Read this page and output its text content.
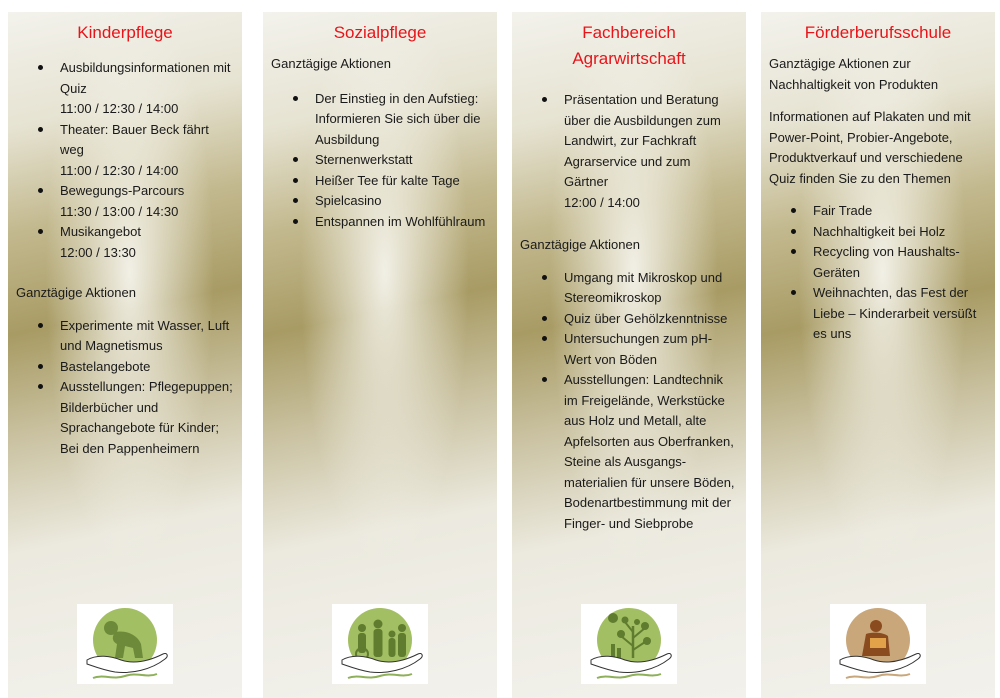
Kinderpflege
Ausbildungsinformationen mit Quiz
11:00 / 12:30 / 14:00
Theater: Bauer Beck fährt weg
11:00 / 12:30 / 14:00
Bewegungs-Parcours
11:30 / 13:00 / 14:30
Musikangebot
12:00 / 13:30

Ganztägige Aktionen

Experimente mit Wasser, Luft und Magnetismus
Bastelangebote
Ausstellungen: Pflegepuppen; Bilderbücher und Sprachangebote für Kinder; Bei den Pappenheimern
Sozialpflege

Ganztägige Aktionen

Der Einstieg in den Aufstieg: Informieren Sie sich über die Ausbildung
Sternenwerkstatt
Heißer Tee für kalte Tage
Spielcasino
Entspannen im Wohlfühlraum
Fachbereich Agrarwirtschaft
Präsentation und Beratung über die Ausbildungen zum Landwirt, zur Fachkraft Agrarservice und zum Gärtner
12:00 / 14:00

Ganztägige Aktionen

Umgang mit Mikroskop und Stereomikroskop
Quiz über Gehölzkenntnisse
Untersuchungen zum pH-Wert von Böden
Ausstellungen: Landtechnik im Freigelände, Werkstücke aus Holz und Metall, alte Apfelsorten aus Oberfranken, Steine als Ausgangs-materialien für unsere Böden, Bodenartbestimmung mit der Finger- und Siebprobe
Förderberufsschule

Ganztägige Aktionen zur Nachhaltigkeit von Produkten

Informationen auf Plakaten und mit Power-Point, Probier-Angebote, Produktverkauf und verschiedene Quiz finden Sie zu den Themen

Fair Trade
Nachhaltigkeit bei Holz
Recycling von Haushalts-Geräten
Weihnachten, das Fest der Liebe – Kinderarbeit versüßt es uns
